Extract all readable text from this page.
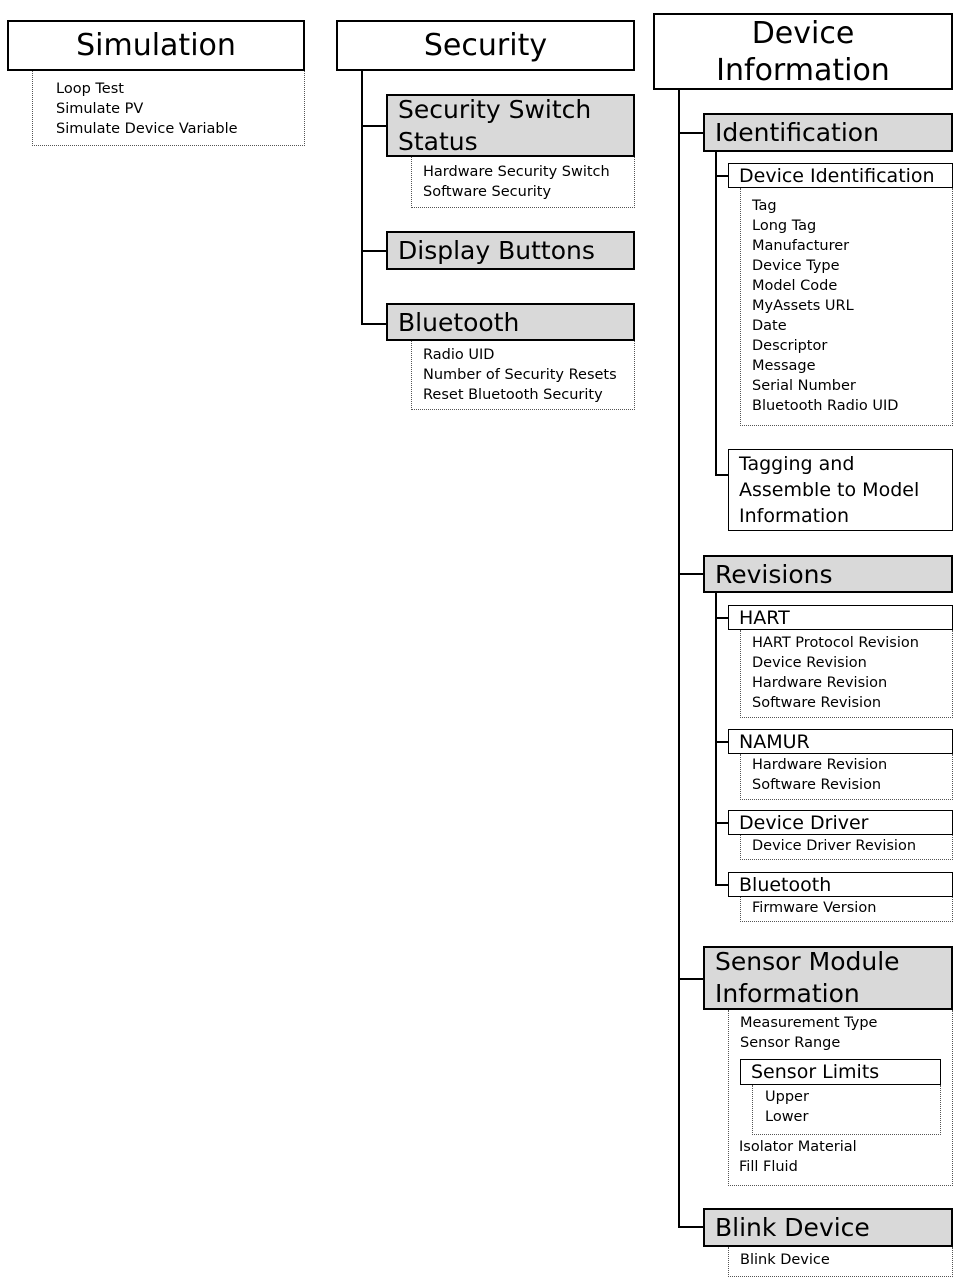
Simulation
Loop Test
Simulate PV
Simulate Device Variable
Security
Security Switch
Status
Hardware Security Switch
Software Security
Display Buttons
Bluetooth
Radio UID
Number of Security Resets
Reset Bluetooth Security
Device
Information
Identification
Device Identification
Tag
Long Tag
Manufacturer
Device Type
Model Code
MyAssets URL
Date
Descriptor
Message
Serial Number
Bluetooth Radio UID
Tagging and
Assemble to Model
Information
Revisions
HART
HART Protocol Revision
Device Revision
Hardware Revision
Software Revision
NAMUR
Hardware Revision
Software Revision
Device Driver
Device Driver Revision
Bluetooth
Firmware Version
Sensor Module
Information
Measurement Type
Sensor Range
Sensor Limits
Upper
Lower
Isolator Material
Fill Fluid
Blink Device
Blink Device
